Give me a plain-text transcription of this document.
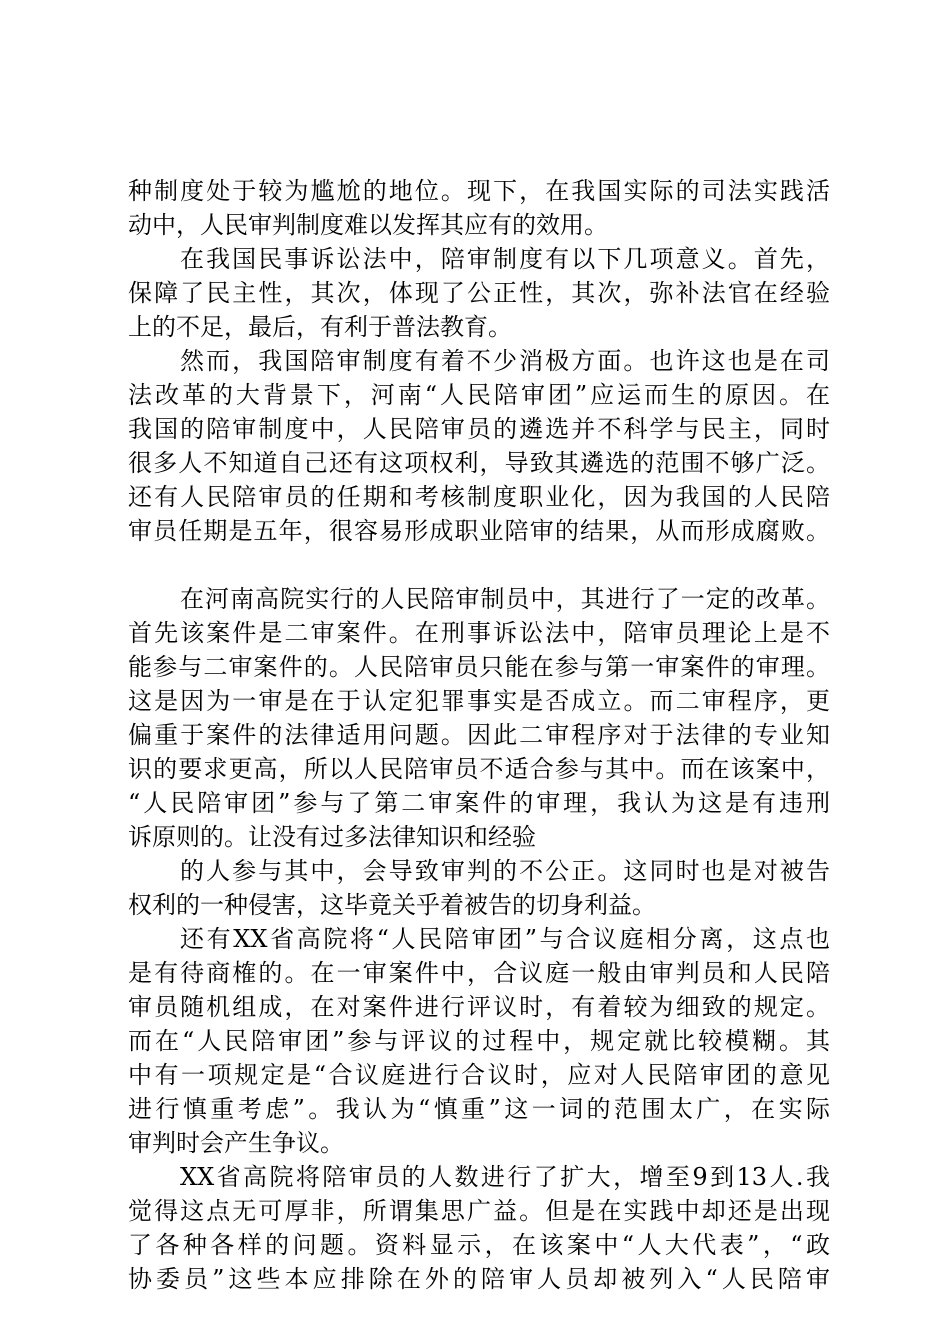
种制度处于较为尴尬的地位。现下，在我国实际的司法实践活
动中，人民审判制度难以发挥其应有的效用。
在我国民事诉讼法中，陪审制度有以下几项意义。首先，
保障了民主性，其次，体现了公正性，其次，弥补法官在经验
上的不足，最后，有利于普法教育。
然而，我国陪审制度有着不少消极方面。也许这也是在司
法改革的大背景下，河南“人民陪审团”应运而生的原因。在
我国的陪审制度中，人民陪审员的遴选并不科学与民主，同时
很多人不知道自己还有这项权利，导致其遴选的范围不够广泛。
还有人民陪审员的任期和考核制度职业化，因为我国的人民陪
审员任期是五年，很容易形成职业陪审的结果，从而形成腐败。
在河南高院实行的人民陪审制员中，其进行了一定的改革。
首先该案件是二审案件。在刑事诉讼法中，陪审员理论上是不
能参与二审案件的。人民陪审员只能在参与第一审案件的审理。
这是因为一审是在于认定犯罪事实是否成立。而二审程序，更
偏重于案件的法律适用问题。因此二审程序对于法律的专业知
识的要求更高，所以人民陪审员不适合参与其中。而在该案中，
“人民陪审团”参与了第二审案件的审理，我认为这是有违刑
诉原则的。让没有过多法律知识和经验
的人参与其中，会导致审判的不公正。这同时也是对被告
权利的一种侵害，这毕竟关乎着被告的切身利益。
还有XX省高院将“人民陪审团”与合议庭相分离，这点也
是有待商榷的。在一审案件中，合议庭一般由审判员和人民陪
审员随机组成，在对案件进行评议时，有着较为细致的规定。
而在“人民陪审团”参与评议的过程中，规定就比较模糊。其
中有一项规定是“合议庭进行合议时，应对人民陪审团的意见
进行慎重考虑”。我认为“慎重”这一词的范围太广，在实际
审判时会产生争议。
XX省高院将陪审员的人数进行了扩大，增至9到13人.我
觉得这点无可厚非，所谓集思广益。但是在实践中却还是出现
了各种各样的问题。资料显示，在该案中“人大代表”，“政
协委员”这些本应排除在外的陪审人员却被列入“人民陪审
